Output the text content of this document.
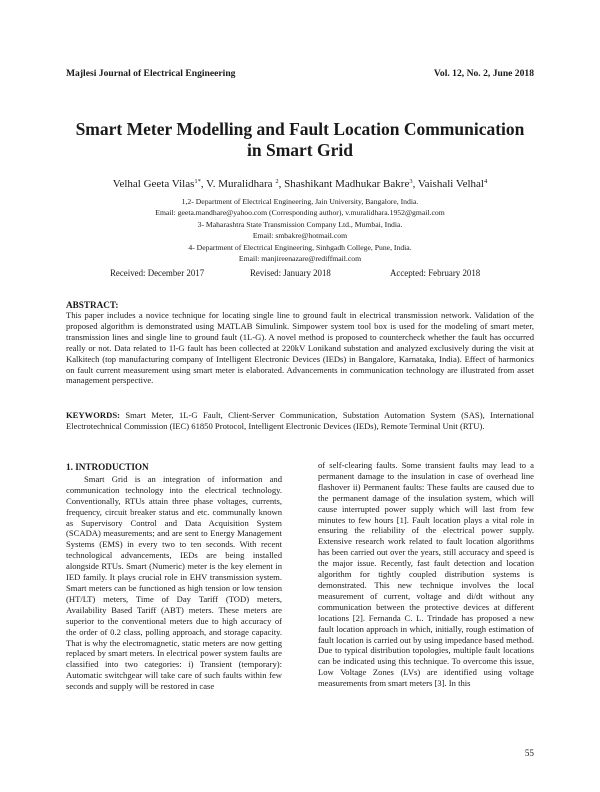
Majlesi Journal of Electrical Engineering	Vol. 12, No. 2, June 2018
Smart Meter Modelling and Fault Location Communication
in Smart Grid
Velhal Geeta Vilas$^{1*}$, V. Muralidhara $^2$, Shashikant Madhukar Bakre$^3$, Vaishali Velhal$^4$
1,2- Department of Electrical Engineering, Jain University, Bangalore, India.
Email: geeta.mandhare@yahoo.com (Corresponding author), v.muralidhara.1952@gmail.com
3- Maharashtra State Transmission Company Ltd., Mumbai, India.
Email: smbakre@hotmail.com
4- Department of Electrical Engineering, Sinhgadh College, Pune, India.
Email: manjireenazare@rediffmail.com
Received: December 2017	Revised: January 2018	Accepted: February 2018
ABSTRACT:
This paper includes a novice technique for locating single line to ground fault in electrical transmission network. Validation of the proposed algorithm is demonstrated using MATLAB Simulink. Simpower system tool box is used for the modeling of smart meter, transmission lines and single line to ground fault (1L-G). A novel method is proposed to countercheck whether the fault has occurred really or not. Data related to 1l-G fault has been collected at 220kV Lonikand substation and analyzed exclusively during the visit at Kalkitech (top manufacturing company of Intelligent Electronic Devices (IEDs) in Bangalore, Karnataka, India). Effect of harmonics on fault current measurement using smart meter is elaborated. Advancements in communication technology are illustrated from asset management perspective.
KEYWORDS: Smart Meter, 1L-G Fault, Client-Server Communication, Substation Automation System (SAS), International Electrotechnical Commission (IEC) 61850 Protocol, Intelligent Electronic Devices (IEDs), Remote Terminal Unit (RTU).
1. INTRODUCTION

Smart Grid is an integration of information and communication technology into the electrical technology. Conventionally, RTUs attain three phase voltages, currents, frequency, circuit breaker status and etc. communally known as Supervisory Control and Data Acquisition System (SCADA) measurements; and are sent to Energy Management Systems (EMS) in every two to ten seconds. With recent technological advancements, IEDs are being installed alongside RTUs. Smart (Numeric) meter is the key element in IED family. It plays crucial role in EHV transmission system. Smart meters can be functioned as high tension or low tension (HT/LT) meters, Time of Day Tariff (TOD) meters, Availability Based Tariff (ABT) meters. These meters are superior to the conventional meters due to high accuracy of the order of 0.2 class, polling approach, and storage capacity. That is why the electromagnetic, static meters are now getting replaced by smart meters. In electrical power system faults are classified into two categories: i) Transient (temporary): Automatic switchgear will take care of such faults within few seconds and supply will be restored in case

of self-clearing faults. Some transient faults may lead to a permanent damage to the insulation in case of overhead line flashover ii) Permanent faults: These faults are caused due to the permanent damage of the insulation system, which will cause interrupted power supply which will last from few minutes to few hours [1]. Fault location plays a vital role in ensuring the reliability of the electrical power supply. Extensive research work related to fault location algorithms has been carried out over the years, still accuracy and speed is the major issue. Recently, fast fault detection and location algorithm for tightly coupled distribution systems is demonstrated. This new technique involves the local measurement of current, voltage and di/dt without any communication between the protective devices at different locations [2]. Fernanda C. L. Trindade has proposed a new fault location approach in which, initially, rough estimation of fault location is carried out by using impedance based method. Due to typical distribution topologies, multiple fault locations can be indicated using this technique. To overcome this issue, Low Voltage Zones (LVs) are identified using voltage measurements from smart meters [3]. In this

55
